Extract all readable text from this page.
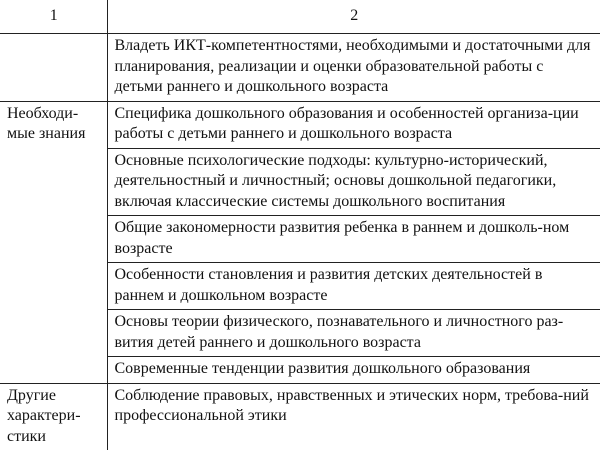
1	2
	Владеть ИКТ-компетентностями, необходимыми и достаточными для планирования, реализации и оценки образовательной работы с детьми раннего и дошкольного возраста
Необходи-мые знания	Специфика дошкольного образования и особенностей организа-ции работы с детьми раннего и дошкольного возраста
	Основные психологические подходы: культурно-исторический, деятельностный и личностный; основы дошкольной педагогики, включая классические системы дошкольного воспитания
	Общие закономерности развития ребенка в раннем и дошколь-ном возрасте
	Особенности становления и развития детских деятельностей в раннем и дошкольном возрасте
	Основы теории физического, познавательного и личностного раз-вития детей раннего и дошкольного возраста
	Современные тенденции развития дошкольного образования
Другие характери-стики	Соблюдение правовых, нравственных и этических норм, требова-ний профессиональной этики
